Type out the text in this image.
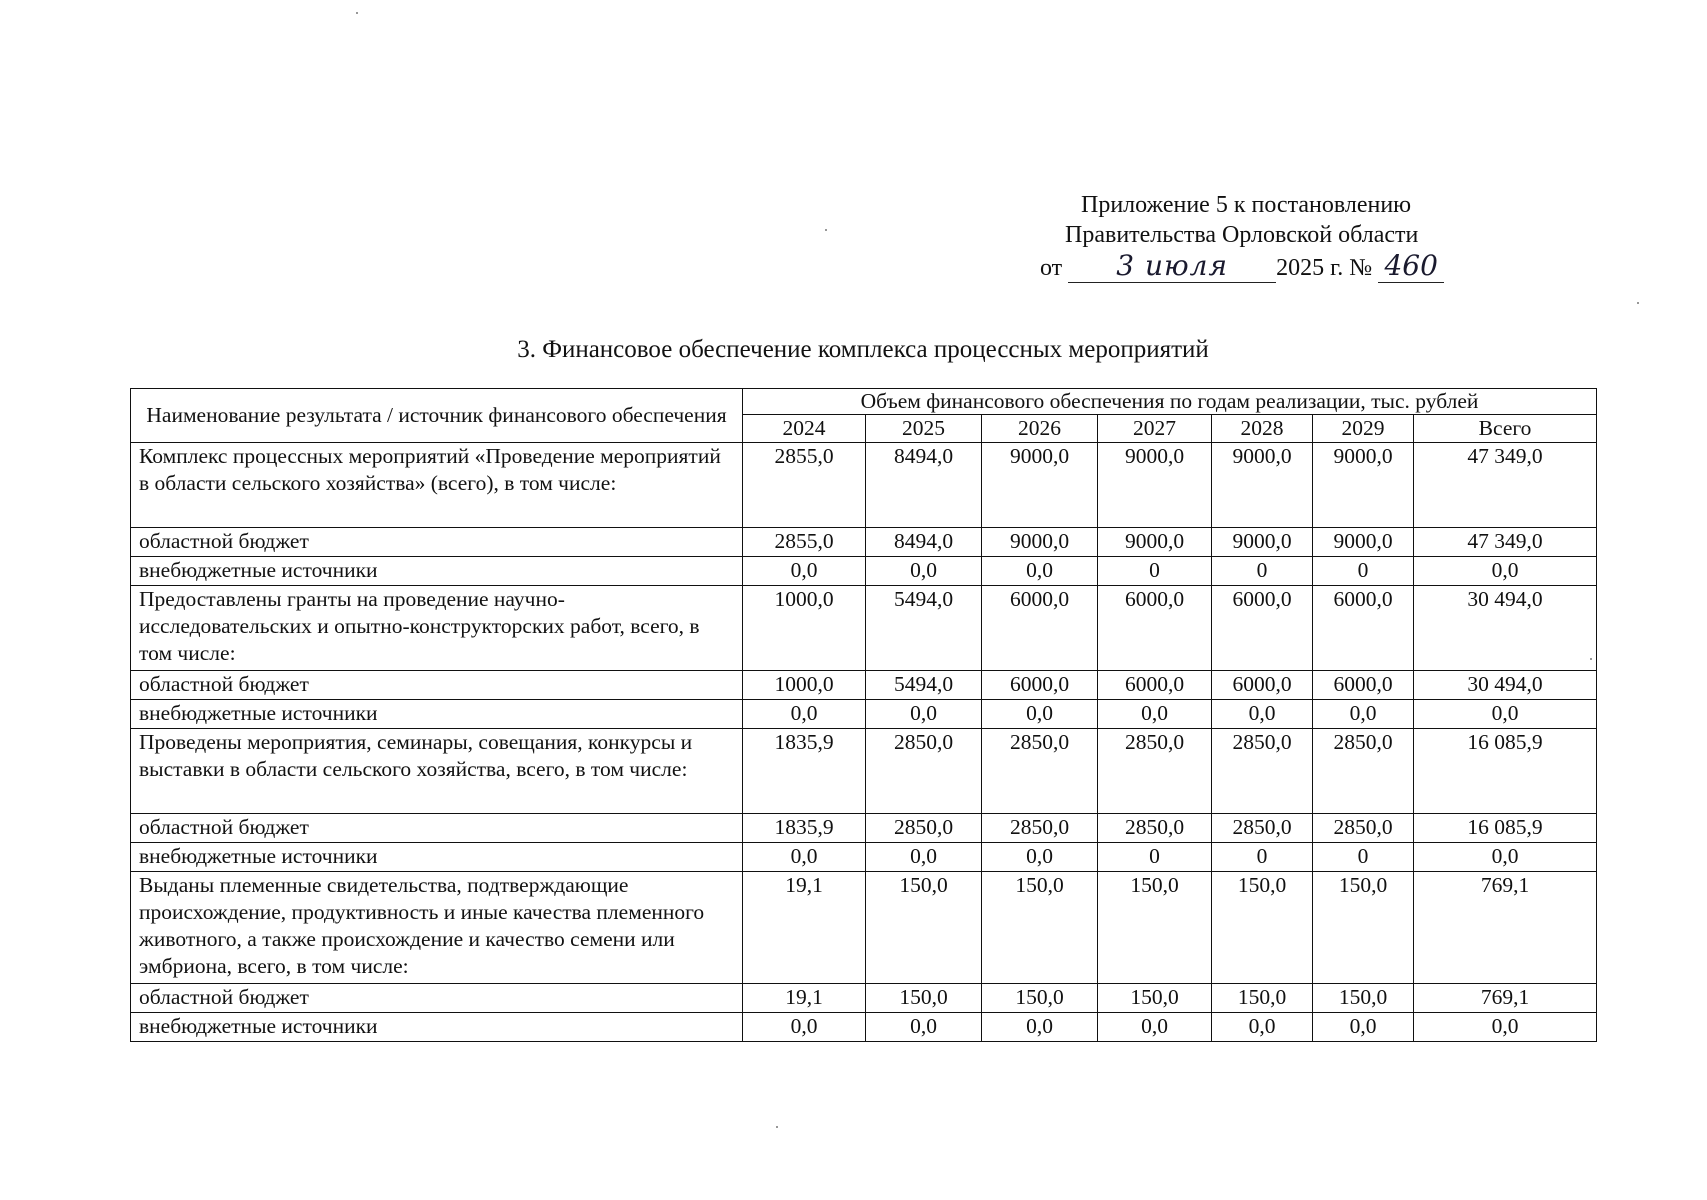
Приложение 5 к постановлению
Правительства Орловской области
от
	3 июля	2025 г. №
460
3. Финансовое обеспечение комплекса процессных мероприятий
Наименование результата / источник финансового обеспечения	Объем финансового обеспечения по годам реализации, тыс. рублей						
	2024	2025	2026	2027	2028	2029	Всего
Комплекс процессных мероприятий «Проведение мероприятий в области сельского хозяйства» (всего), в том числе:	2855,0	8494,0	9000,0	9000,0	9000,0	9000,0	47 349,0
областной бюджет	2855,0	8494,0	9000,0	9000,0	9000,0	9000,0	47 349,0
внебюджетные источники	0,0	0,0	0,0	0	0	0	0,0
Предоставлены гранты на проведение научно-исследовательских и опытно-конструкторских работ, всего, в том числе:	1000,0	5494,0	6000,0	6000,0	6000,0	6000,0	30 494,0
областной бюджет	1000,0	5494,0	6000,0	6000,0	6000,0	6000,0	30 494,0
внебюджетные источники	0,0	0,0	0,0	0,0	0,0	0,0	0,0
Проведены мероприятия, семинары, совещания, конкурсы и выставки в области сельского хозяйства, всего, в том числе:	1835,9	2850,0	2850,0	2850,0	2850,0	2850,0	16 085,9
областной бюджет	1835,9	2850,0	2850,0	2850,0	2850,0	2850,0	16 085,9
внебюджетные источники	0,0	0,0	0,0	0	0	0	0,0
Выданы племенные свидетельства, подтверждающие происхождение, продуктивность и иные качества племенного животного, а также происхождение и качество семени или эмбриона, всего, в том числе:	19,1	150,0	150,0	150,0	150,0	150,0	769,1
областной бюджет	19,1	150,0	150,0	150,0	150,0	150,0	769,1
внебюджетные источники	0,0	0,0	0,0	0,0	0,0	0,0	0,0
